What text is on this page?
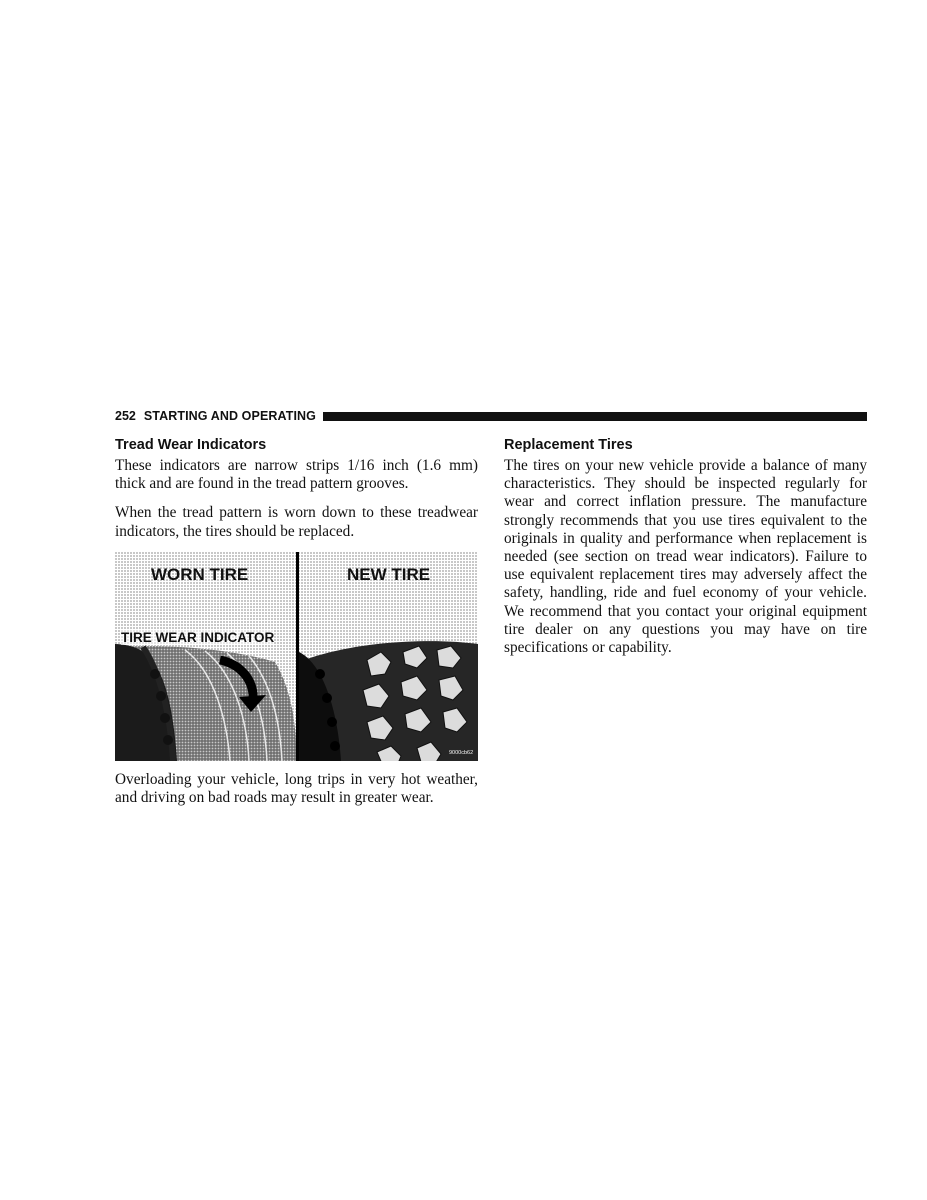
252 STARTING AND OPERATING
Tread Wear Indicators

These indicators are narrow strips 1/16 inch (1.6 mm) thick and are found in the tread pattern grooves.

When the tread pattern is worn down to these treadwear indicators, the tires should be replaced.

WORN TIRE	NEW TIRE
TIRE WEAR INDICATOR
9000cb62

Overloading your vehicle, long trips in very hot weather, and driving on bad roads may result in greater wear.

Replacement Tires

The tires on your new vehicle provide a balance of many characteristics. They should be inspected regularly for wear and correct inflation pressure. The manufacture strongly recommends that you use tires equivalent to the originals in quality and performance when replacement is needed (see section on tread wear indicators). Failure to use equivalent replacement tires may adversely affect the safety, handling, ride and fuel economy of your vehicle. We recommend that you contact your original equipment tire dealer on any questions you may have on tire specifications or capability.
